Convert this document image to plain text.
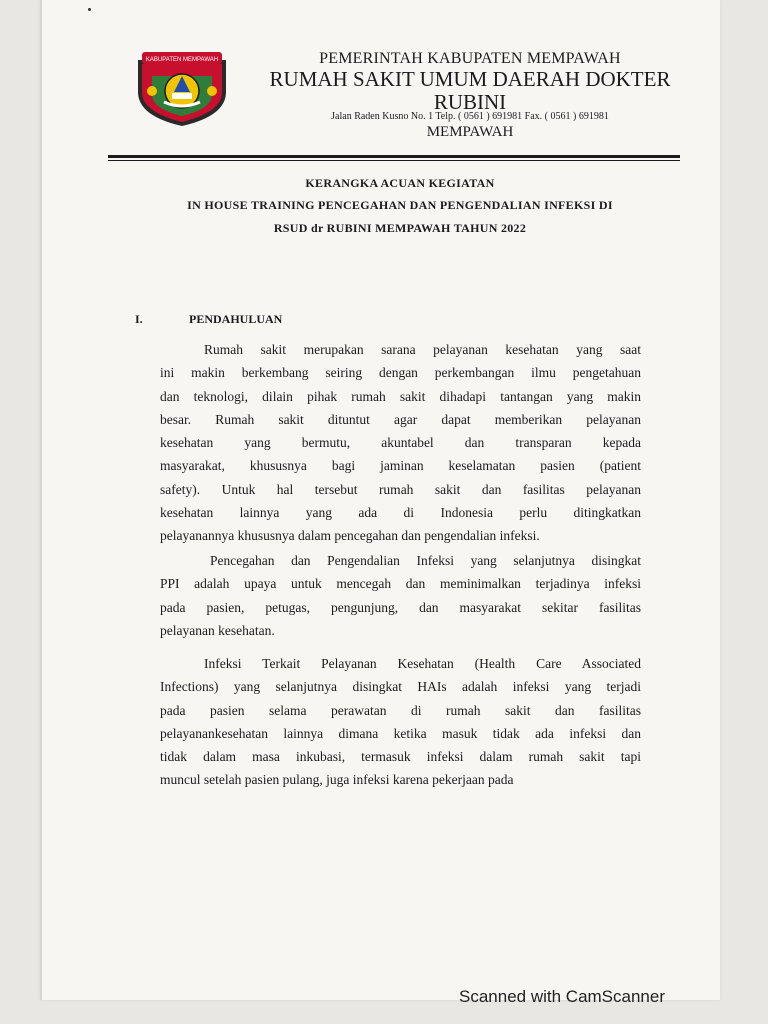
KABUPATEN MEMPAWAH	PEMERINTAH KABUPATEN MEMPAWAH
RUMAH SAKIT UMUM DAERAH DOKTER
RUBINI
Jalan Raden Kusno No. 1 Telp. ( 0561 ) 691981 Fax. ( 0561 ) 691981
MEMPAWAH
KERANGKA ACUAN KEGIATAN
IN HOUSE TRAINING PENCEGAHAN DAN PENGENDALIAN INFEKSI DI
RSUD dr RUBINI MEMPAWAH TAHUN 2022
I.	PENDAHULUAN
Rumah sakit merupakan sarana pelayanan kesehatan yang saat
ini makin berkembang seiring dengan perkembangan ilmu pengetahuan
dan teknologi, dilain pihak rumah sakit dihadapi tantangan yang makin
besar. Rumah sakit dituntut agar dapat memberikan pelayanan
kesehatan yang bermutu, akuntabel dan transparan kepada
masyarakat, khususnya bagi jaminan keselamatan pasien (patient
safety). Untuk hal tersebut rumah sakit dan fasilitas pelayanan
kesehatan lainnya yang ada di Indonesia perlu ditingkatkan
pelayanannya khususnya dalam pencegahan dan pengendalian infeksi.
Pencegahan dan Pengendalian Infeksi yang selanjutnya disingkat
PPI adalah upaya untuk mencegah dan meminimalkan terjadinya infeksi
pada pasien, petugas, pengunjung, dan masyarakat sekitar fasilitas
pelayanan kesehatan.
Infeksi Terkait Pelayanan Kesehatan (Health Care Associated
Infections) yang selanjutnya disingkat HAIs adalah infeksi yang terjadi
pada pasien selama perawatan di rumah sakit dan fasilitas
pelayanankesehatan lainnya dimana ketika masuk tidak ada infeksi dan
tidak dalam masa inkubasi, termasuk infeksi dalam rumah sakit tapi
muncul setelah pasien pulang, juga infeksi karena pekerjaan pada
Scanned with CamScanner
